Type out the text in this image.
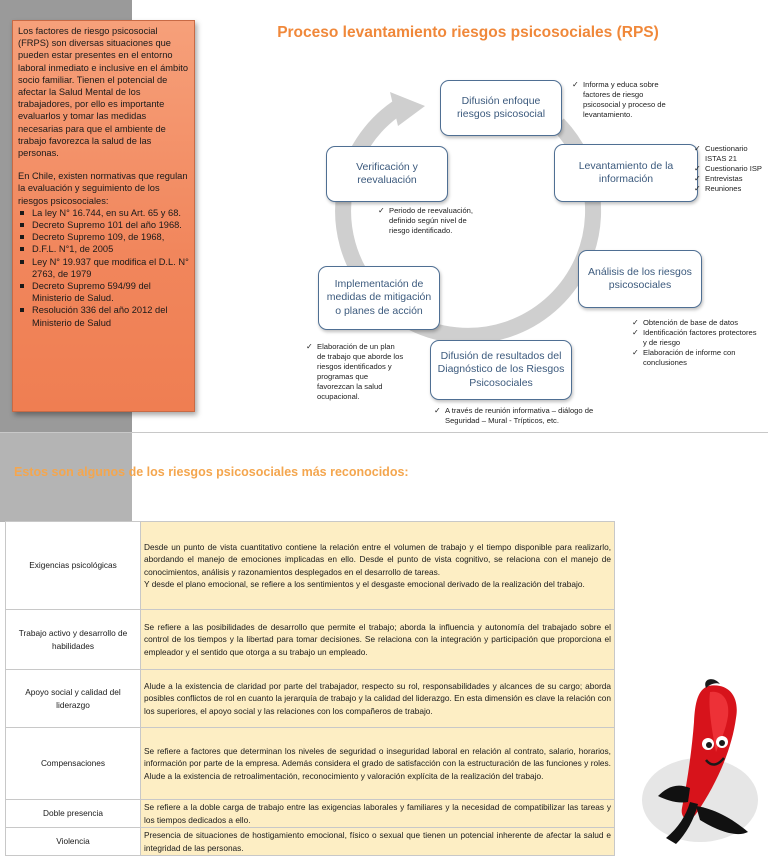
Los factores de riesgo psicosocial (FRPS) son diversas situaciones que pueden estar presentes en el entorno laboral inmediato e inclusive en el ámbito socio familiar. Tienen el potencial de afectar la Salud Mental de los trabajadores, por ello es importante evaluarlos y tomar las medidas necesarias para que el ambiente de trabajo favorezca la salud de las personas.

En Chile, existen normativas que regulan la evaluación y seguimiento de los riesgos psicosociales:

La ley N° 16.744, en su Art. 65 y 68.
Decreto Supremo 101 del año 1968.
Decreto Supremo 109, de 1968,
D.F.L. N°1, de 2005
Ley N° 19.937 que modifica el D.L. N° 2763, de 1979
Decreto Supremo 594/99 del Ministerio de Salud.
Resolución 336 del año 2012 del Ministerio de Salud
Proceso levantamiento riesgos psicosociales (RPS)
Difusión enfoque riesgos psicosocial
Levantamiento de la información
Análisis de los riesgos psicosociales
Difusión de resultados del Diagnóstico de los Riesgos Psicosociales
Implementación de medidas de mitigación o planes de acción
Verificación y reevaluación
✓ Informa y educa sobre factores de riesgo psicosocial y proceso de levantamiento.
✓ Cuestionario ISTAS 21
✓ Cuestionario ISP
✓ Entrevistas
✓ Reuniones
✓ Obtención de base de datos
✓ Identificación factores protectores y de riesgo
✓ Elaboración de informe con conclusiones
✓ A través de reunión informativa – diálogo de Seguridad – Mural - Trípticos, etc.
✓ Elaboración de un plan de trabajo que aborde los riesgos identificados y programas que favorezcan la salud ocupacional.
✓ Periodo de reevaluación, definido según nivel de riesgo identificado.
Estos son algunos de los riesgos psicosociales más reconocidos:
Exigencias psicológicas	Desde un punto de vista cuantitativo contiene la relación entre el volumen de trabajo y el tiempo disponible para realizarlo, abordando el manejo de emociones implicadas en ello. Desde el punto de vista cognitivo, se relaciona con el manejo de conocimientos, análisis y razonamientos desplegados en el desarrollo de tareas.
Y desde el plano emocional, se refiere a los sentimientos y el desgaste emocional derivado de la realización del trabajo.

Trabajo activo y desarrollo de habilidades	Se refiere a las posibilidades de desarrollo que permite el trabajo; aborda la influencia y autonomía del trabajado sobre el control de los tiempos y la libertad para tomar decisiones. Se relaciona con la integración y participación que proporciona el empleador y el sentido que otorga a su trabajo un empleado.
Apoyo social y calidad del liderazgo	Alude a la existencia de claridad por parte del trabajador, respecto su rol, responsabilidades y alcances de su cargo; aborda posibles conflictos de rol en cuanto la jerarquía de trabajo y la calidad del liderazgo. En esta dimensión es clave la relación con los superiores, el apoyo social y las relaciones con los compañeros de trabajo.
Compensaciones	Se refiere a factores que determinan los niveles de seguridad o inseguridad laboral en relación al contrato, salario, horarios, información por parte de la empresa. Además considera el grado de satisfacción con la estructuración de las funciones y roles. Alude a la existencia de retroalimentación, reconocimiento y valoración explícita de la realización del trabajo.
Doble presencia	Se refiere a la doble carga de trabajo entre las exigencias laborales y familiares y la necesidad de compatibilizar las tareas y los tiempos dedicados a ello.
Violencia	Presencia de situaciones de hostigamiento emocional, físico o sexual que tienen un potencial inherente de afectar la salud e integridad de las personas.
